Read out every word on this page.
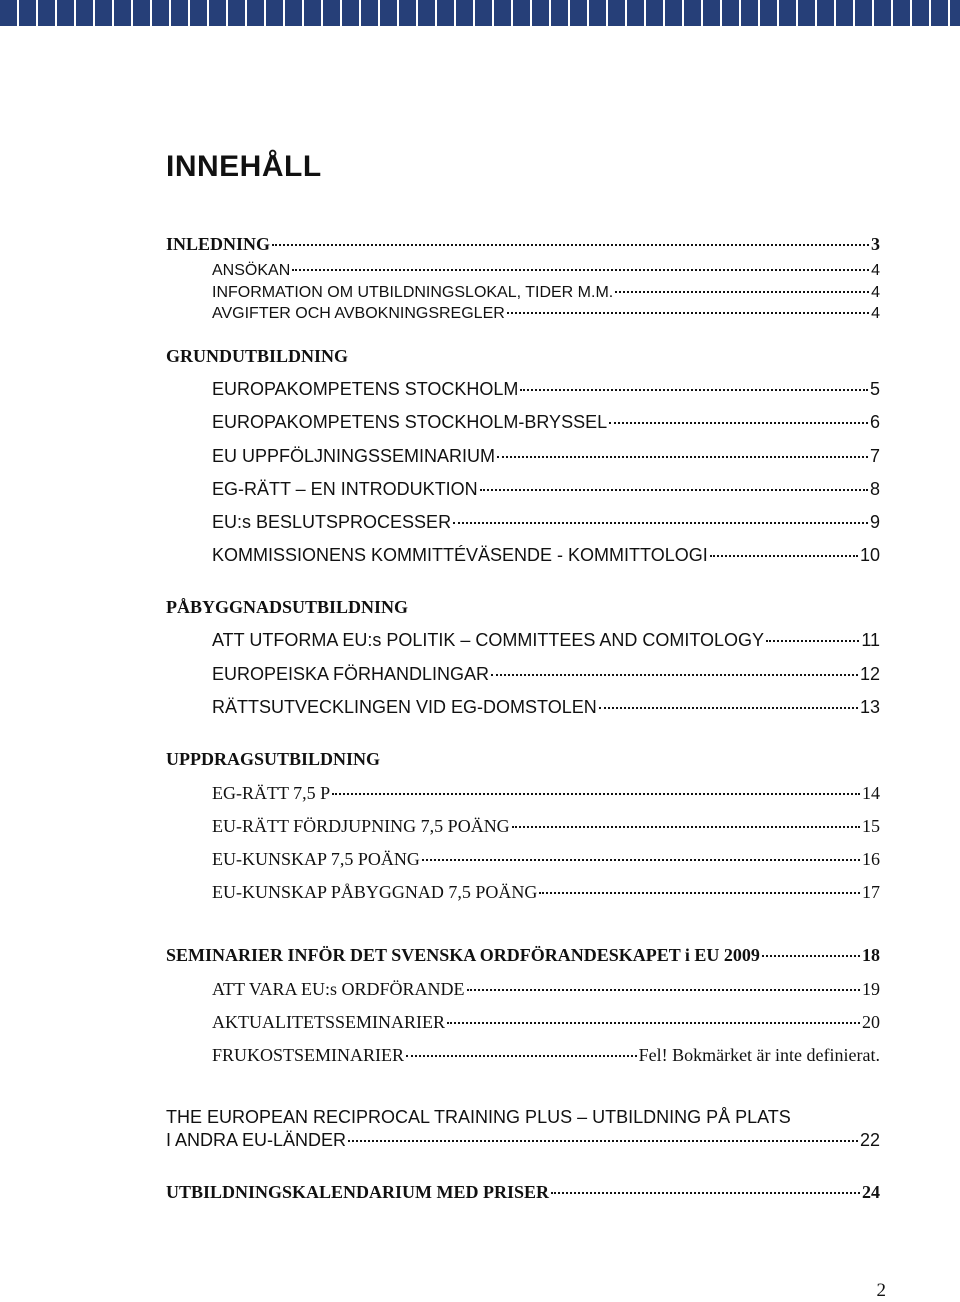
INNEHÅLL
INLEDNING	3
ANSÖKAN	4
INFORMATION OM UTBILDNINGSLOKAL, TIDER M.M.	4
AVGIFTER OCH AVBOKNINGSREGLER	4
GRUNDUTBILDNING
EUROPAKOMPETENS STOCKHOLM	5
EUROPAKOMPETENS STOCKHOLM-BRYSSEL	6
EU UPPFÖLJNINGSSEMINARIUM	7
EG-RÄTT – EN INTRODUKTION	8
EU:s BESLUTSPROCESSER	9
KOMMISSIONENS KOMMITTÉVÄSENDE - KOMMITTOLOGI	10
PÅBYGGNADSUTBILDNING
ATT UTFORMA EU:s POLITIK – COMMITTEES AND COMITOLOGY	11
EUROPEISKA FÖRHANDLINGAR	12
RÄTTSUTVECKLINGEN VID EG-DOMSTOLEN	13
UPPDRAGSUTBILDNING
EG-RÄTT 7,5 P	14
EU-RÄTT FÖRDJUPNING 7,5 POÄNG	15
EU-KUNSKAP 7,5 POÄNG	16
EU-KUNSKAP PÅBYGGNAD 7,5 POÄNG	17
SEMINARIER INFÖR DET SVENSKA ORDFÖRANDESKAPET i EU 2009	18
ATT VARA EU:s ORDFÖRANDE	19
AKTUALITETSSEMINARIER	20
FRUKOSTSEMINARIER	Fel! Bokmärket är inte definierat.
THE EUROPEAN RECIPROCAL TRAINING PLUS – UTBILDNING PÅ PLATS
I ANDRA EU-LÄNDER	22
UTBILDNINGSKALENDARIUM MED PRISER	24
2
